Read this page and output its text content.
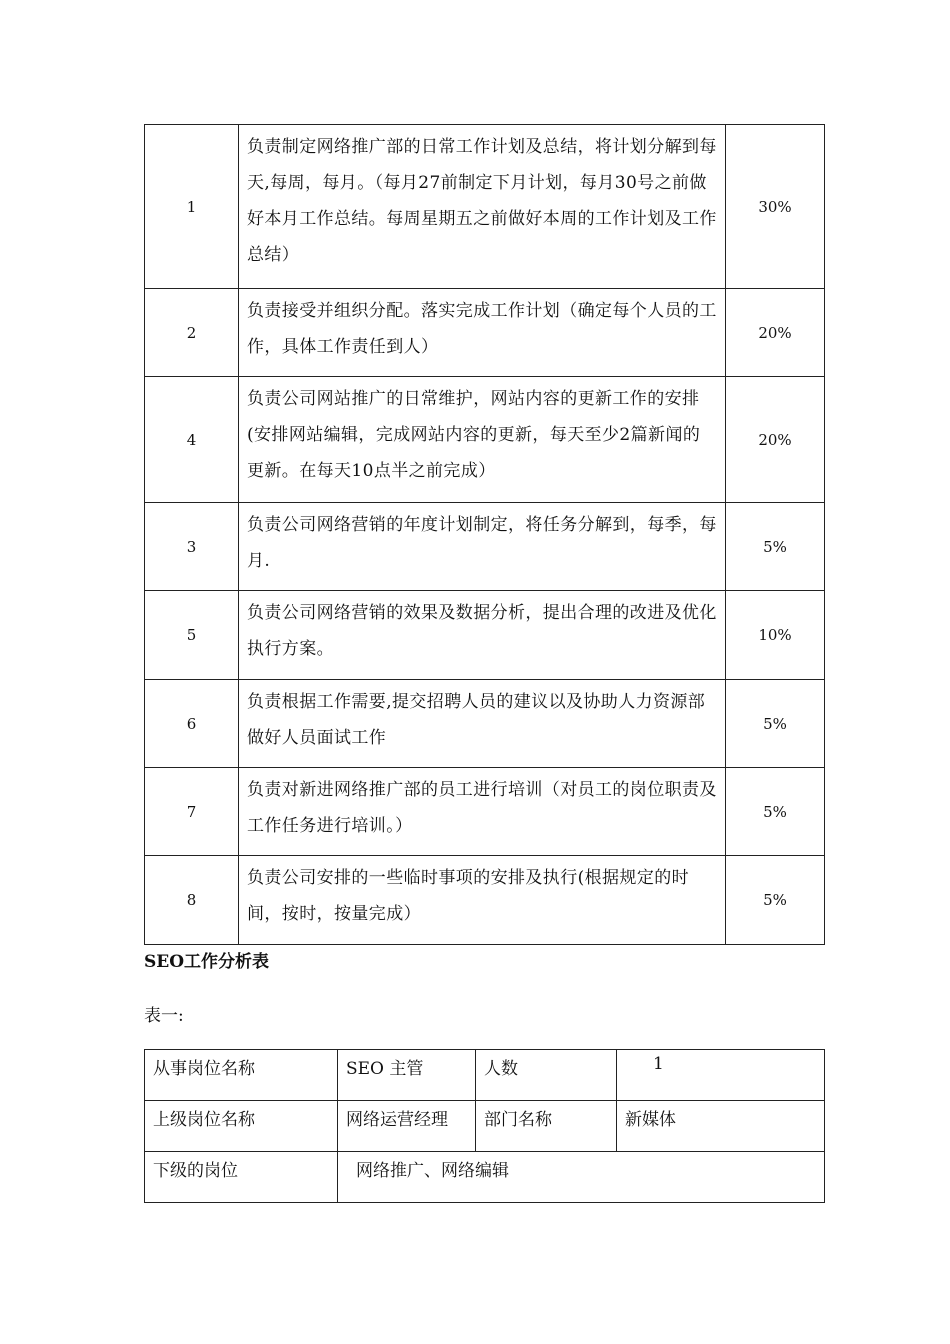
1	负责制定网络推广部的日常工作计划及总结，将计划分解到每天,每周，每月。（每月27前制定下月计划，每月30号之前做好本月工作总结。每周星期五之前做好本周的工作计划及工作总结）	30%
2	负责接受并组织分配。落实完成工作计划（确定每个人员的工作，具体工作责任到人）	20%
4	负责公司网站推广的日常维护，网站内容的更新工作的安排(安排网站编辑，完成网站内容的更新，每天至少2篇新闻的更新。在每天10点半之前完成）	20%
3	负责公司网络营销的年度计划制定，将任务分解到，每季，每月.	5%
5	负责公司网络营销的效果及数据分析，提出合理的改进及优化执行方案。	10%
6	负责根据工作需要,提交招聘人员的建议以及协助人力资源部做好人员面试工作	5%
7	负责对新进网络推广部的员工进行培训（对员工的岗位职责及工作任务进行培训。）	5%
8	负责公司安排的一些临时事项的安排及执行(根据规定的时间，按时，按量完成）	5%
SEO工作分析表
表一:
从事岗位名称	SEO 主管	人数	1
上级岗位名称	网络运营经理	部门名称	新媒体
下级的岗位	网络推广、网络编辑		
